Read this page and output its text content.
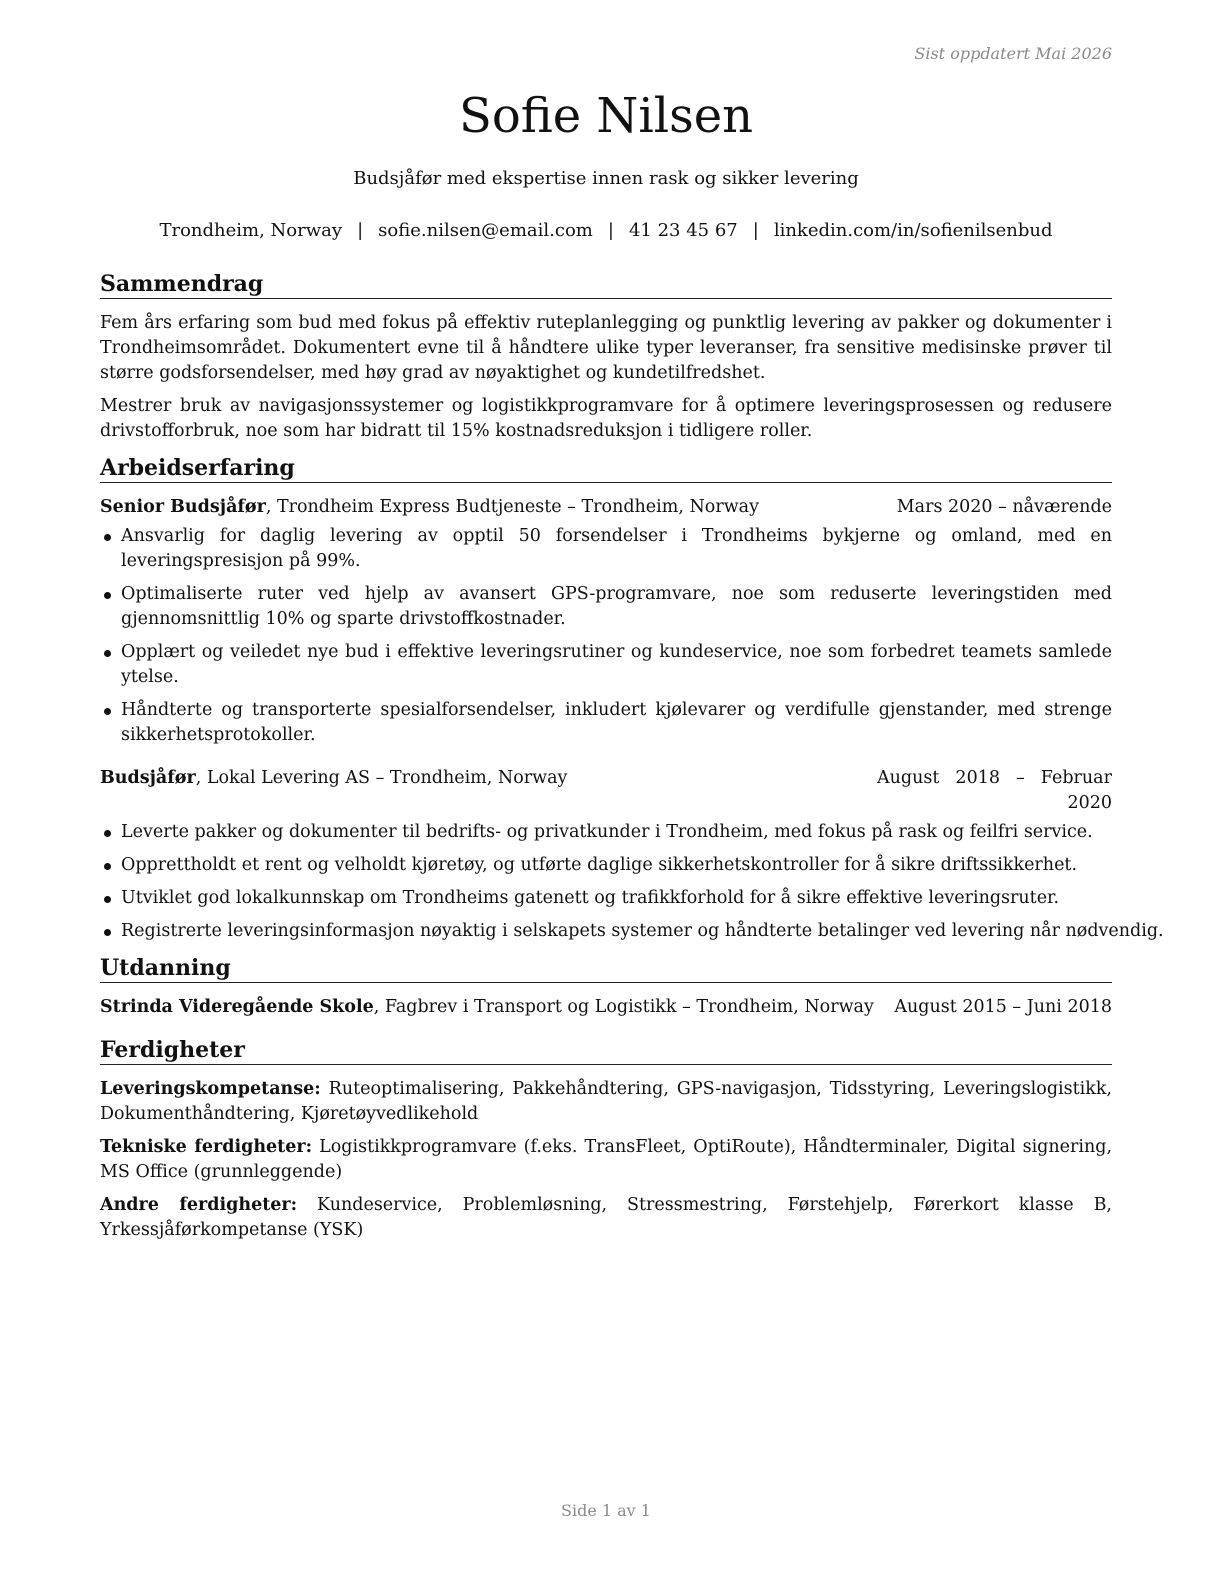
Sist oppdatert Mai 2026
Sofie Nilsen
Budsjåfør med ekspertise innen rask og sikker levering
Trondheim, Norway | sofie.nilsen@email.com | 41 23 45 67 | linkedin.com/in/sofienilsenbud
Sammendrag

Fem års erfaring som bud med fokus på effektiv ruteplanlegging og punktlig levering av pakker og dokumenter i Trondheimsområdet. Dokumentert evne til å håndtere ulike typer leveranser, fra sensitive medisinske prøver til større godsforsendelser, med høy grad av nøyaktighet og kundetilfredshet.

Mestrer bruk av navigasjonssystemer og logistikkprogramvare for å optimere leveringsprosessen og redusere drivstofforbruk, noe som har bidratt til 15% kostnadsreduksjon i tidligere roller.

Arbeidserfaring
Senior Budsjåfør, Trondheim Express Budtjeneste – Trondheim, Norway	Mars 2020 – nåværende
Ansvarlig for daglig levering av opptil 50 forsendelser i Trondheims bykjerne og omland, med en leveringspresisjon på 99%.
Optimaliserte ruter ved hjelp av avansert GPS-programvare, noe som reduserte leveringstiden med gjennomsnittlig 10% og sparte drivstoffkostnader.
Opplært og veiledet nye bud i effektive leveringsrutiner og kundeservice, noe som forbedret teamets samlede ytelse.
Håndterte og transporterte spesialforsendelser, inkludert kjølevarer og verdifulle gjenstander, med strenge sikkerhetsprotokoller.
Budsjåfør, Lokal Levering AS – Trondheim, Norway	August 2018 – Februar 2020
Leverte pakker og dokumenter til bedrifts- og privatkunder i Trondheim, med fokus på rask og feilfri service.
Opprettholdt et rent og velholdt kjøretøy, og utførte daglige sikkerhetskontroller for å sikre driftssikkerhet.
Utviklet god lokalkunnskap om Trondheims gatenett og trafikkforhold for å sikre effektive leveringsruter.
Registrerte leveringsinformasjon nøyaktig i selskapets systemer og håndterte betalinger ved levering når nødvendig.
Utdanning
Strinda Videregående Skole, Fagbrev i Transport og Logistikk – Trondheim, Norway	August 2015 – Juni 2018
Ferdigheter

Leveringskompetanse: Ruteoptimalisering, Pakkehåndtering, GPS-navigasjon, Tidsstyring, Leveringslogistikk, Dokumenthåndtering, Kjøretøyvedlikehold

Tekniske ferdigheter: Logistikkprogramvare (f.eks. TransFleet, OptiRoute), Håndterminaler, Digital signering, MS Office (grunnleggende)

Andre ferdigheter: Kundeservice, Problemløsning, Stressmestring, Førstehjelp, Førerkort klasse B, Yrkessjåførkompetanse (YSK)

Side 1 av 1
